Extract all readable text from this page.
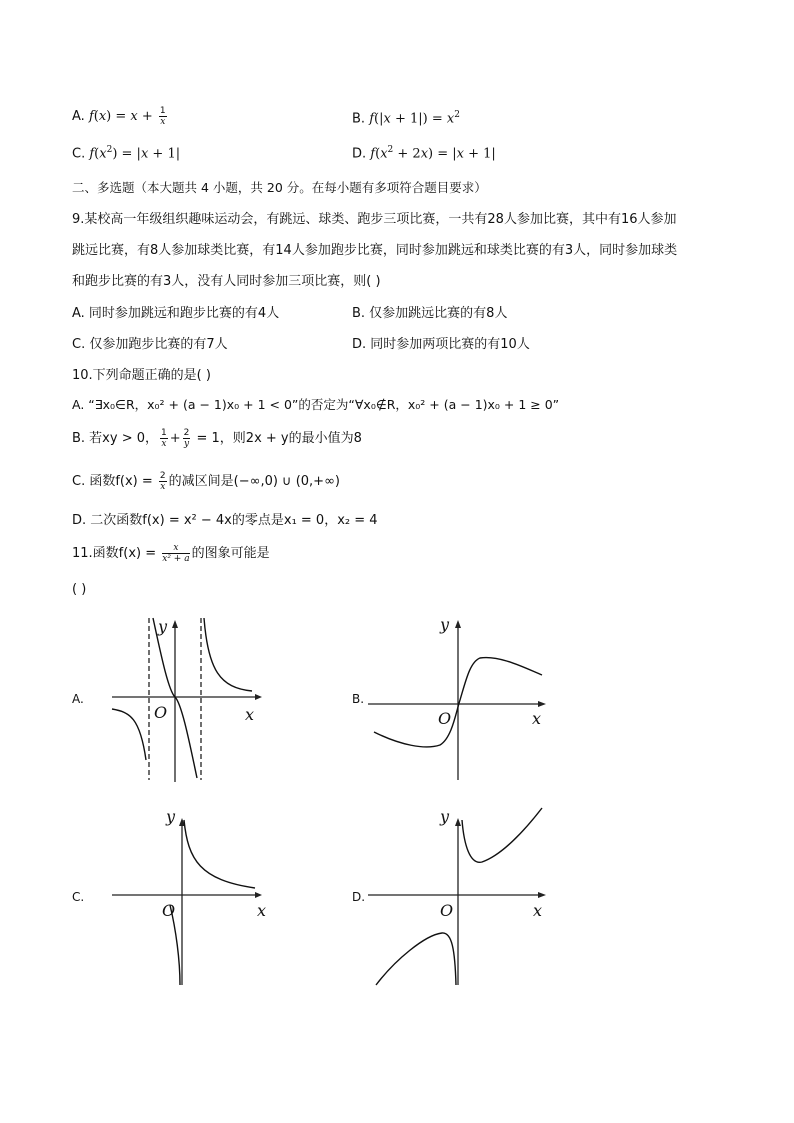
A. $f(x) = x + \frac{1}{x}$	B. $f(|x + 1|) = x^2$
C. $f(x^2) = |x + 1|$	D. $f(x^2 + 2x) = |x + 1|$
二、多选题（本大题共 4 小题，共 20 分。在每小题有多项符合题目要求）
9.某校高一年级组织趣味运动会，有跳远、球类、跑步三项比赛，一共有28人参加比赛，其中有16人参加
跳远比赛，有8人参加球类比赛，有14人参加跑步比赛，同时参加跳远和球类比赛的有3人，同时参加球类
和跑步比赛的有3人，没有人同时参加三项比赛，则( )
A. 同时参加跳远和跑步比赛的有4人	B. 仅参加跳远比赛的有8人
C. 仅参加跑步比赛的有7人	D. 同时参加两项比赛的有10人
10.下列命题正确的是( )
A. “∃x₀∈R，x₀² + (a − 1)x₀ + 1 < 0”的否定为“∀x₀∉R，x₀² + (a − 1)x₀ + 1 ≥ 0”
B. 若xy > 0， $\frac{1}{x} + \frac{2}{y} = 1$，则2x + y的最小值为8
C. 函数$f(x) = \frac{2}{x}$ 的减区间是(−∞,0) ∪ (0,+∞)
D. 二次函数f(x) = x² − 4x的零点是x₁ = 0，x₂ = 4
11.函数$f(x) = \frac{x}{\text{x² + a}}$ 的图象可能是
( )
A.	B.
C.	D.
x
y
O	x
y
O
x
y
O	x
y
O
